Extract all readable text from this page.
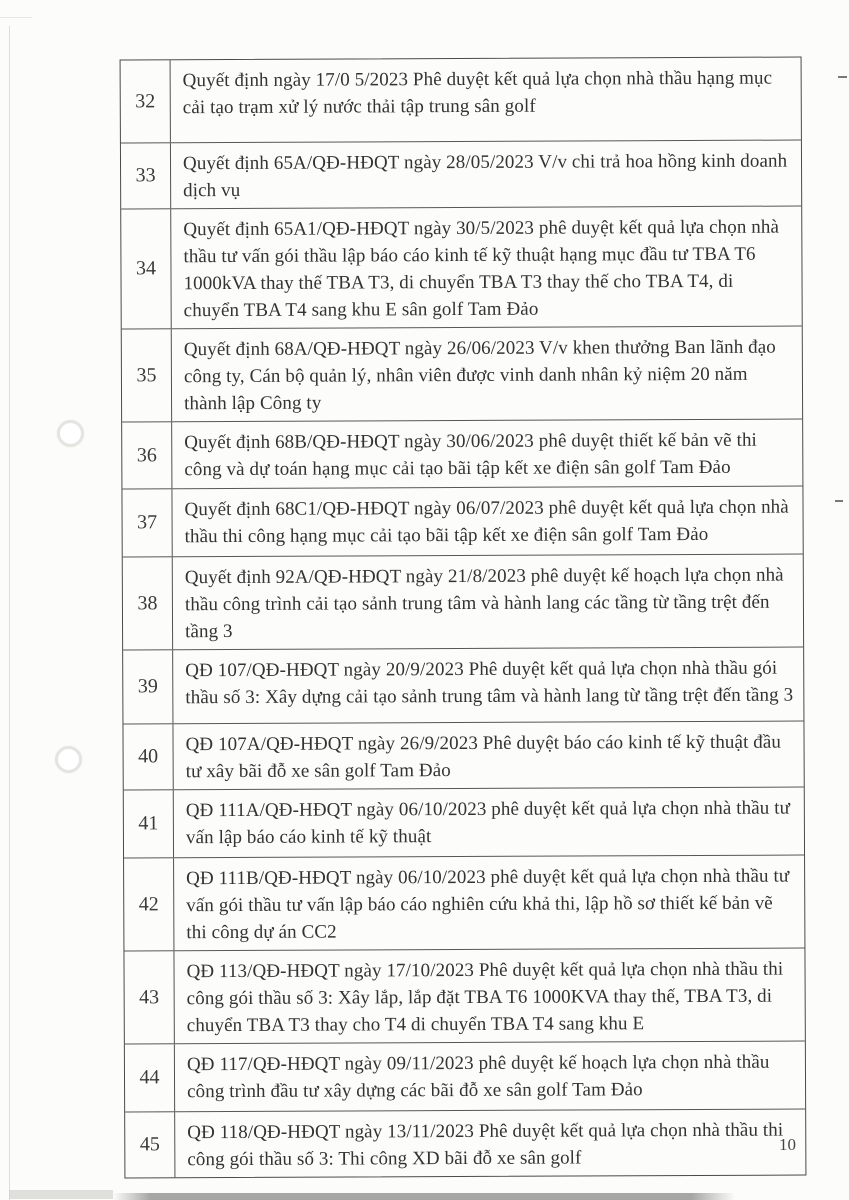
32
Quyết định ngày 17/0 5/2023 Phê duyệt kết quả lựa chọn nhà thầu hạng mục cải tạo trạm xử lý nước thải tập trung sân golf
33
Quyết định 65A/QĐ-HĐQT ngày 28/05/2023 V/v chi trả hoa hồng kinh doanh dịch vụ
34
Quyết định 65A1/QĐ-HĐQT ngày 30/5/2023 phê duyệt kết quả lựa chọn nhà thầu tư vấn gói thầu lập báo cáo kinh tế kỹ thuật hạng mục đầu tư TBA T6 1000kVA thay thế TBA T3, di chuyển TBA T3 thay thế cho TBA T4, di chuyển TBA T4 sang khu E sân golf Tam Đảo
35
Quyết định 68A/QĐ-HĐQT ngày 26/06/2023 V/v khen thưởng Ban lãnh đạo công ty, Cán bộ quản lý, nhân viên được vinh danh nhân kỷ niệm 20 năm thành lập Công ty
36
Quyết định 68B/QĐ-HĐQT ngày 30/06/2023 phê duyệt thiết kế bản vẽ thi công và dự toán hạng mục cải tạo bãi tập kết xe điện sân golf Tam Đảo
37
Quyết định 68C1/QĐ-HĐQT ngày 06/07/2023 phê duyệt kết quả lựa chọn nhà thầu thi công hạng mục cải tạo bãi tập kết xe điện sân golf Tam Đảo
38
Quyết định 92A/QĐ-HĐQT ngày 21/8/2023 phê duyệt kế hoạch lựa chọn nhà thầu công trình cải tạo sảnh trung tâm và hành lang các tầng từ tầng trệt đến tầng 3
39
QĐ 107/QĐ-HĐQT ngày 20/9/2023 Phê duyệt kết quả lựa chọn nhà thầu gói thầu số 3: Xây dựng cải tạo sảnh trung tâm và hành lang từ tầng trệt đến tầng 3
40
QĐ 107A/QĐ-HĐQT ngày 26/9/2023 Phê duyệt báo cáo kinh tế kỹ thuật đầu tư xây bãi đỗ xe sân golf Tam Đảo
41
QĐ 111A/QĐ-HĐQT ngày 06/10/2023 phê duyệt kết quả lựa chọn nhà thầu tư vấn lập báo cáo kinh tế kỹ thuật
42
QĐ 111B/QĐ-HĐQT ngày 06/10/2023 phê duyệt kết quả lựa chọn nhà thầu tư vấn gói thầu tư vấn lập báo cáo nghiên cứu khả thi, lập hồ sơ thiết kế bản vẽ thi công dự án CC2
43
QĐ 113/QĐ-HĐQT ngày 17/10/2023 Phê duyệt kết quả lựa chọn nhà thầu thi công gói thầu số 3: Xây lắp, lắp đặt TBA T6 1000KVA thay thế, TBA T3, di chuyển TBA T3 thay cho T4 di chuyển TBA T4 sang khu E
44
QĐ 117/QĐ-HĐQT ngày 09/11/2023 phê duyệt kế hoạch lựa chọn nhà thầu công trình đầu tư xây dựng các bãi đỗ xe sân golf Tam Đảo
45
QĐ 118/QĐ-HĐQT ngày 13/11/2023 Phê duyệt kết quả lựa chọn nhà thầu thi công gói thầu số 3: Thi công XD bãi đỗ xe sân golf
10
